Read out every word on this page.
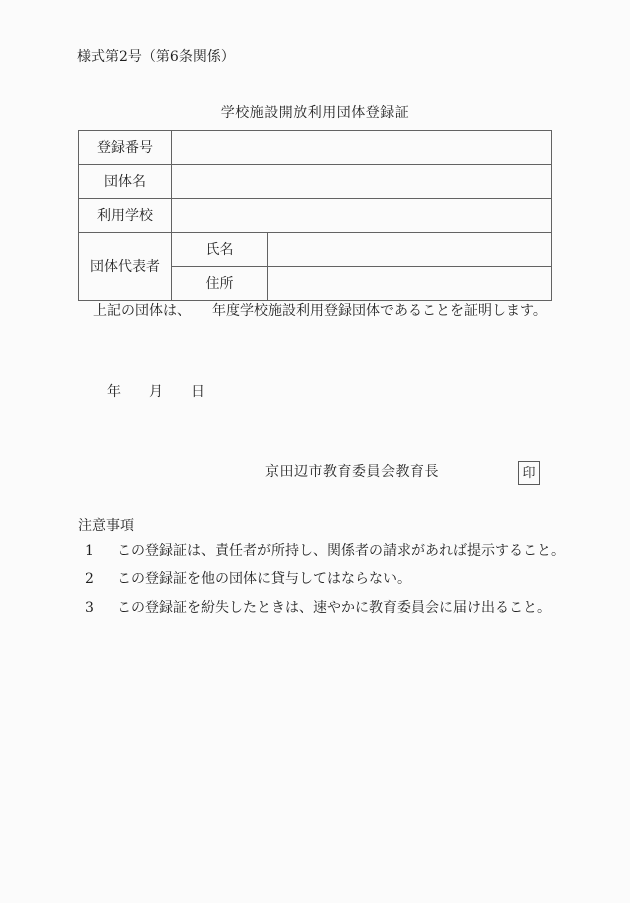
様式第2号（第6条関係）
学校施設開放利用団体登録証
登録番号		
団体名		
利用学校		
団体代表者	氏名	
	住所	
上記の団体は、　　年度学校施設利用登録団体であることを証明します。
年　　月　　日
京田辺市教育委員会教育長	印
注意事項
1	この登録証は、責任者が所持し、関係者の請求があれば提示すること。
2	この登録証を他の団体に貸与してはならない。
3	この登録証を紛失したときは、速やかに教育委員会に届け出ること。
